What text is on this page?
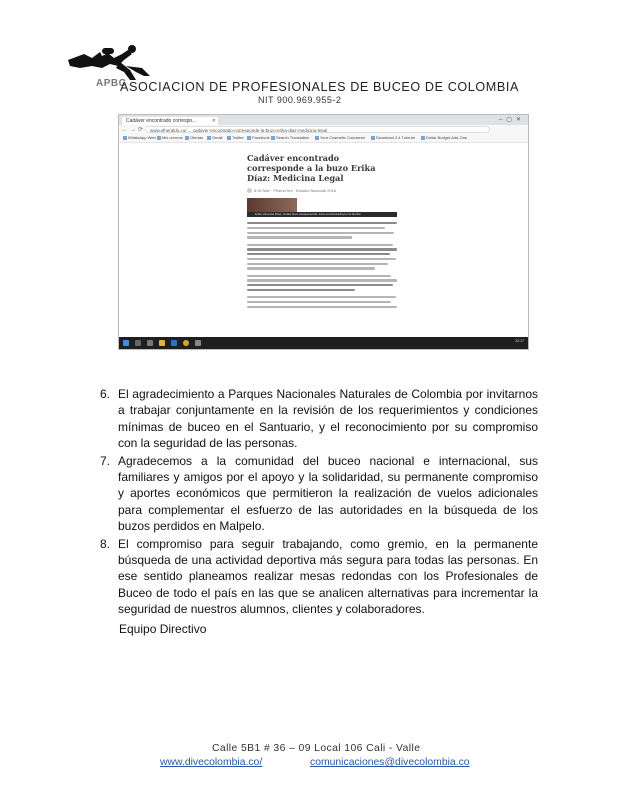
APBC
ASOCIACION DE PROFESIONALES DE BUCEO DE COLOMBIA
NIT 900.969.955-2
Cadáver encontrado correspo...	✕	–▢✕
←→⟳	www.elheraldo.co/ ... cadaver-encontrado-corresponde-la-buzo-erika-diaz-medicina-legal
WhatsApp Web	Mis correos	Ofertas	Gmail	Twitter	Facebook	Search Translation	Your Cosmetic Counselor	Download 3.4 Tutorial	Dollar Budget Add-Ons
Cadáver encontrado corresponde a la buzo Erika Díaz: Medicina Legal
8:34 Mar · Prisma hrs · Estudio Nacional 2016
Erika Vanessa Díaz, ondas buzo desaparecida. Foto suministrada por la familia
22:17
6. El agradecimiento a Parques Nacionales Naturales de Colombia por invitarnos a trabajar conjuntamente en la revisión de los requerimientos y condiciones mínimas de buceo en el Santuario, y el reconocimiento por su compromiso con la seguridad de las personas.
7. Agradecemos a la comunidad del buceo nacional e internacional, sus familiares y amigos por el apoyo y la solidaridad, su permanente compromiso y aportes económicos que permitieron la realización de vuelos adicionales para complementar el esfuerzo de las autoridades en la búsqueda de los buzos perdidos en Malpelo.
8. El compromiso para seguir trabajando, como gremio, en la permanente búsqueda de una actividad deportiva más segura para todas las personas. En ese sentido planeamos realizar mesas redondas con los Profesionales de Buceo de todo el país en las que se analicen alternativas para incrementar la seguridad de nuestros alumnos, clientes y colaboradores.
Equipo Directivo
Calle 5B1 # 36 – 09 Local 106 Cali - Valle
www.divecolombia.co/	comunicaciones@divecolombia.co
